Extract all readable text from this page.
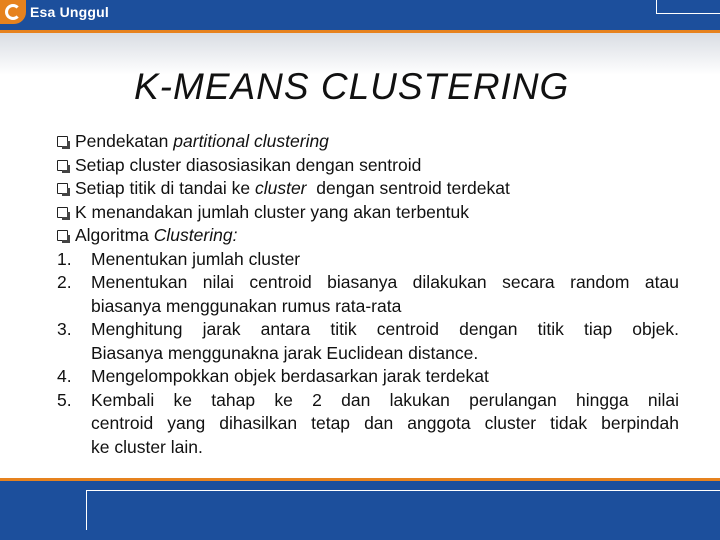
Esa Unggul
K-MEANS CLUSTERING
Pendekatan partitional clustering
Setiap cluster diasosiasikan dengan sentroid
Setiap titik di tandai ke cluster  dengan sentroid terdekat
K menandakan jumlah cluster yang akan terbentuk
Algoritma Clustering:
1.	Menentukan jumlah cluster
2.	Menentukan nilai centroid biasanya dilakukan secara random atau
biasanya menggunakan rumus rata-rata
3.	Menghitung jarak antara titik centroid dengan titik tiap objek.
Biasanya menggunakna jarak Euclidean distance.
4.	Mengelompokkan objek berdasarkan jarak terdekat
5.	Kembali ke tahap ke 2 dan lakukan perulangan hingga nilai
centroid yang dihasilkan tetap dan anggota cluster tidak berpindah
ke cluster lain.
